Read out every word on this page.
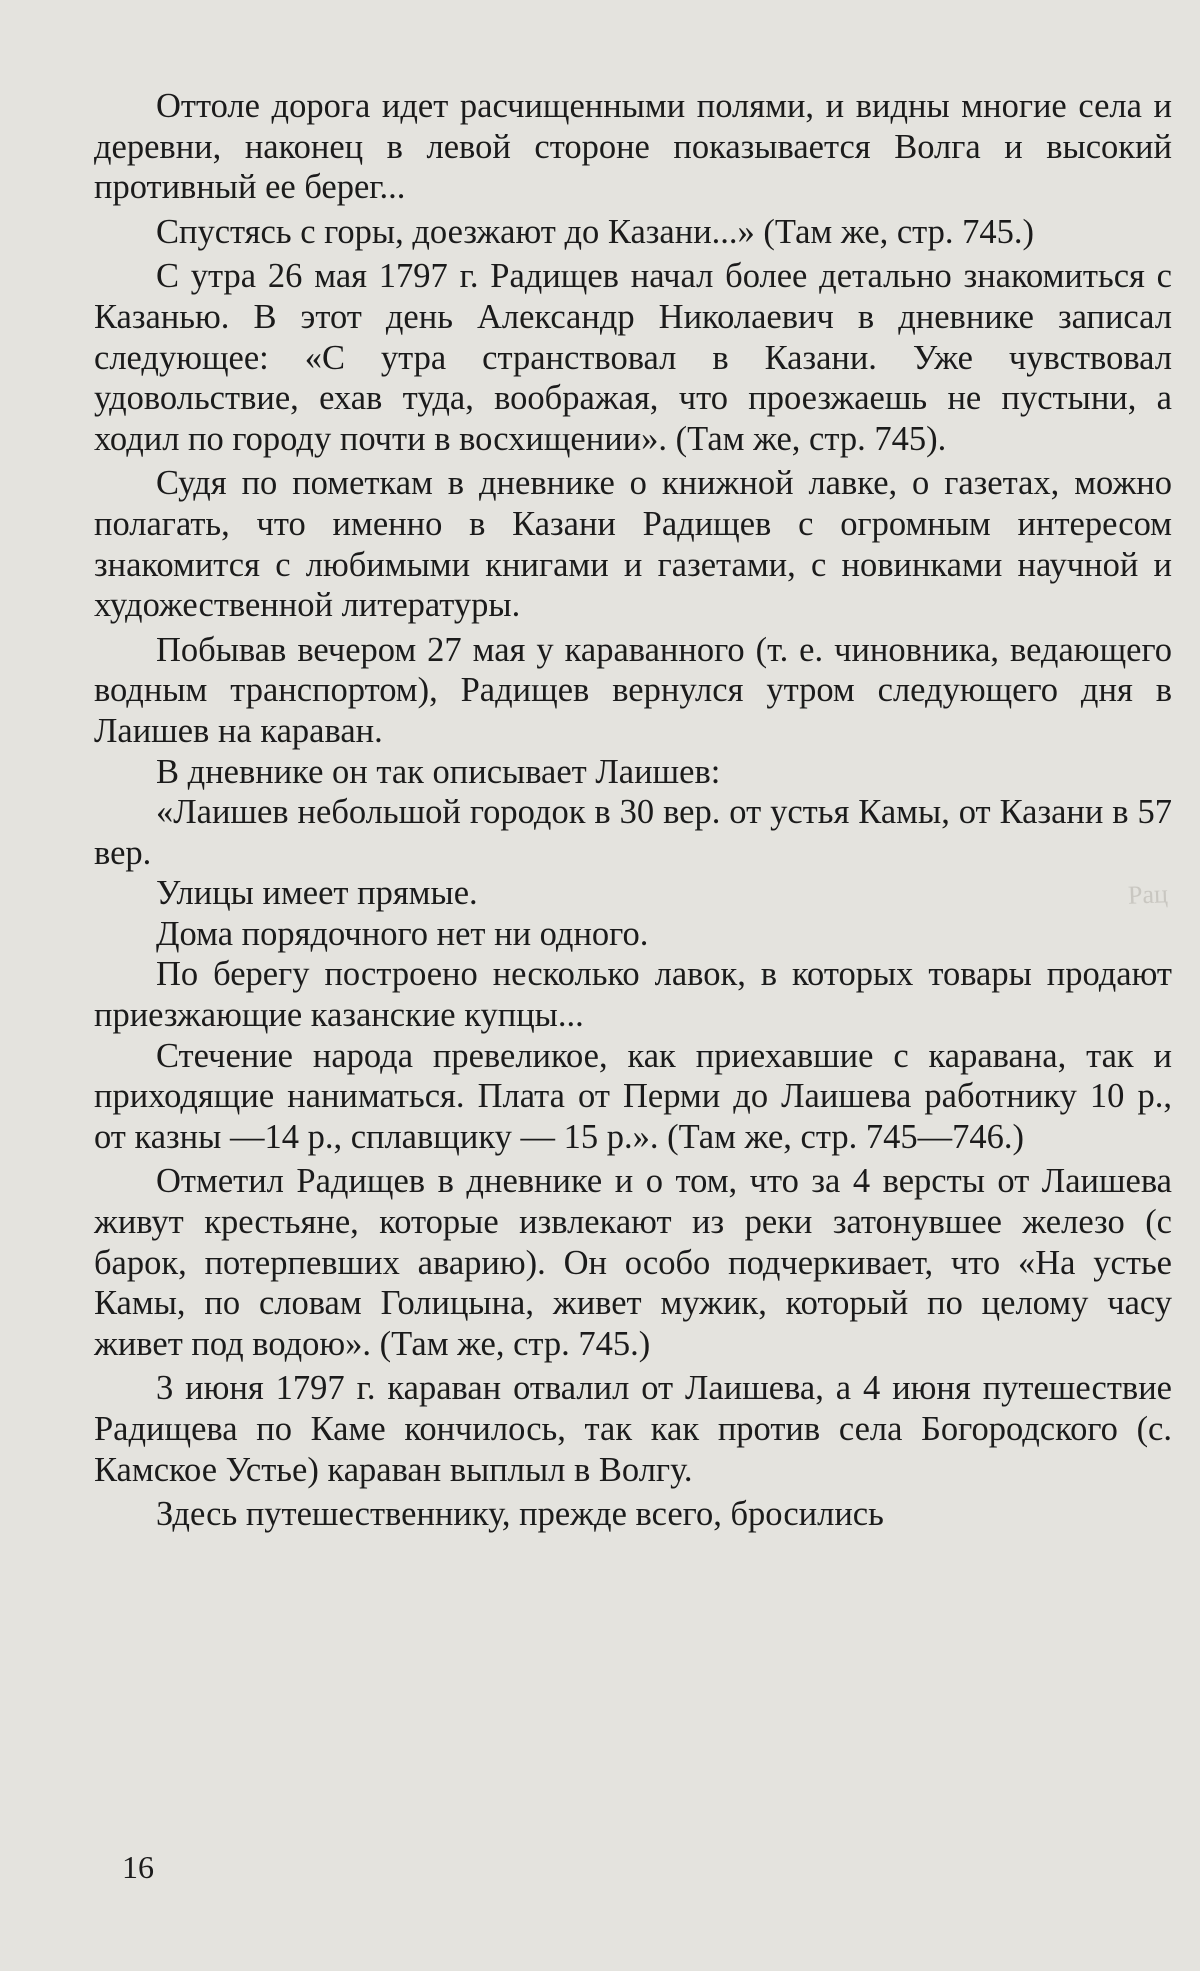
Оттоле дорога идет расчищенными полями, и видны многие села и деревни, наконец в левой стороне показывается Волга и высокий противный ее берег...

Спустясь с горы, доезжают до Казани...» (Там же, стр. 745.)

С утра 26 мая 1797 г. Радищев начал более детально знакомиться с Казанью. В этот день Александр Николаевич в дневнике записал следующее: «С утра странствовал в Казани. Уже чувствовал удовольствие, ехав туда, воображая, что проезжаешь не пустыни, а ходил по городу почти в восхищении». (Там же, стр. 745).

Судя по пометкам в дневнике о книжной лавке, о газетах, можно полагать, что именно в Казани Радищев с огромным интересом знакомится с любимыми книгами и газетами, с новинками научной и художественной литературы.

Побывав вечером 27 мая у караванного (т. е. чиновника, ведающего водным транспортом), Радищев вернулся утром следующего дня в Лаишев на караван.

В дневнике он так описывает Лаишев:

«Лаишев небольшой городок в 30 вер. от устья Камы, от Казани в 57 вер.

Улицы имеет прямые.

Дома порядочного нет ни одного.

По берегу построено несколько лавок, в которых товары продают приезжающие казанские купцы...

Стечение народа превеликое, как приехавшие с каравана, так и приходящие наниматься. Плата от Перми до Лаишева работнику 10 р., от казны —14 р., сплавщику — 15 р.». (Там же, стр. 745—746.)

Отметил Радищев в дневнике и о том, что за 4 версты от Лаишева живут крестьяне, которые извлекают из реки затонувшее железо (с барок, потерпевших аварию). Он особо подчеркивает, что «На устье Камы, по словам Голицына, живет мужик, который по целому часу живет под водою». (Там же, стр. 745.)

3 июня 1797 г. караван отвалил от Лаишева, а 4 июня путешествие Радищева по Каме кончилось, так как против села Богородского (с. Камское Устье) караван выплыл в Волгу.

Здесь путешественнику, прежде всего, бросились

16
Рац
